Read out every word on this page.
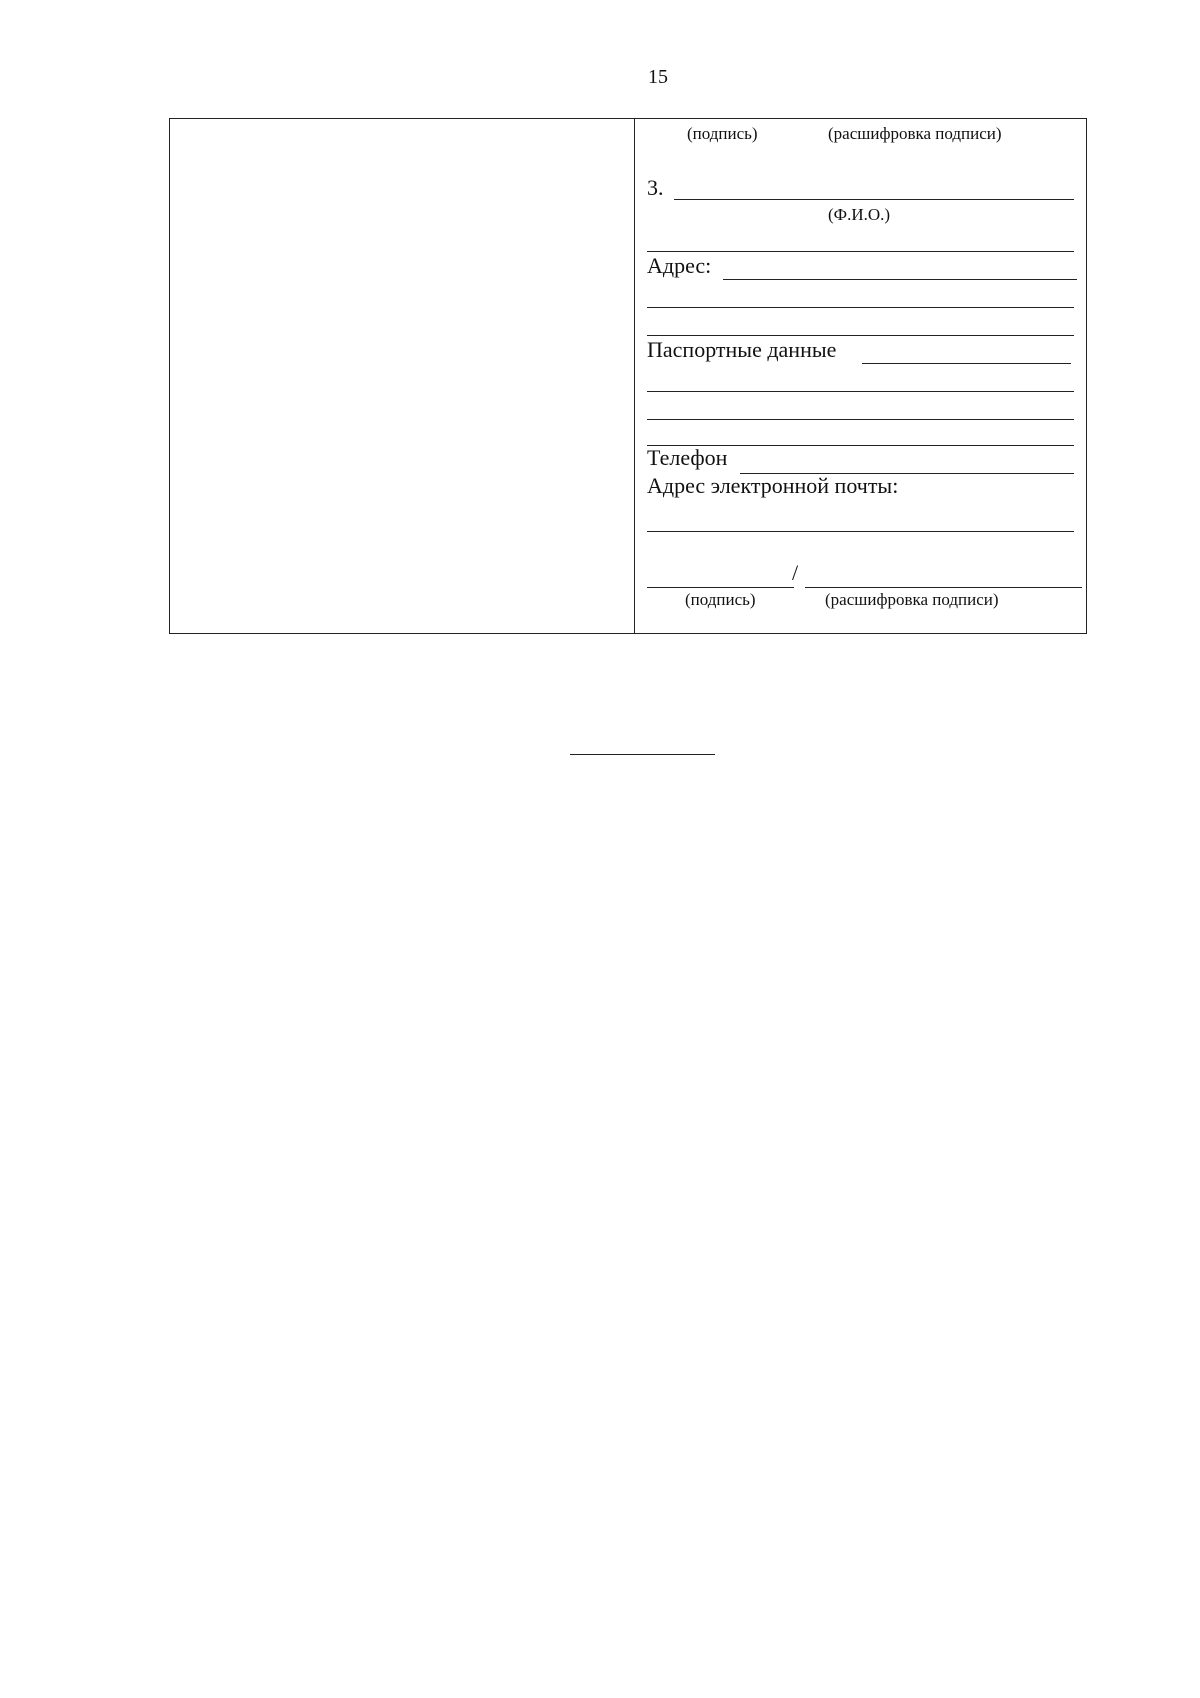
15
(подпись)	(расшифровка подписи)
3.
(Ф.И.О.)
Адрес:
Паспортные данные
Телефон
Адрес электронной почты:
/
(подпись)	(расшифровка подписи)
